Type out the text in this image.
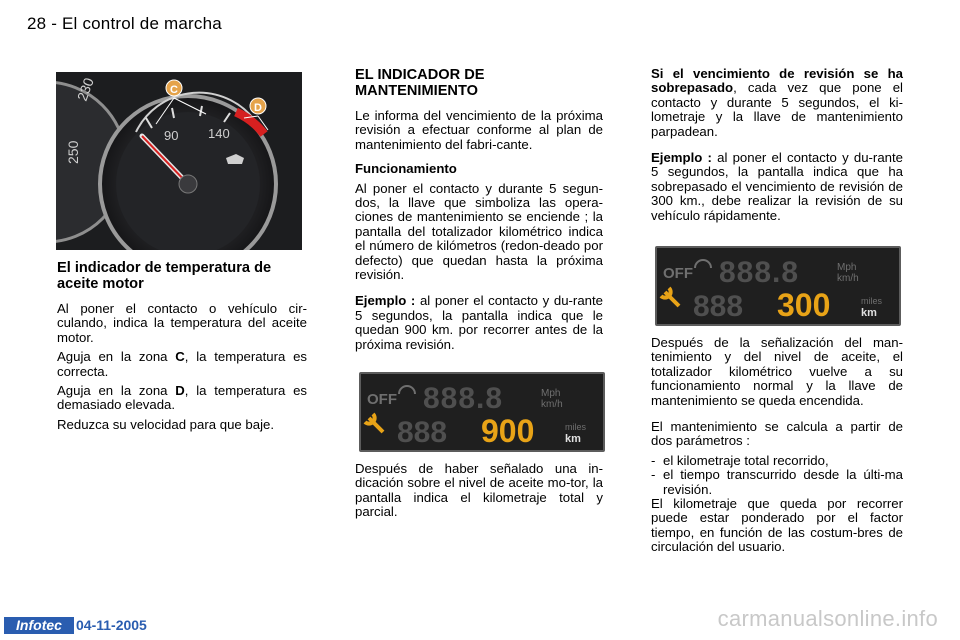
28 - El control de marcha
230
250
90 140
C
D
El indicador de temperatura de aceite motor

Al poner el contacto o vehículo cir-culando, indica la temperatura del aceite motor.

Aguja en la zona C, la temperatura es correcta.

Aguja en la zona D, la temperatura es demasiado elevada.

Reduzca su velocidad para que baje.

EL INDICADOR DE MANTENIMIENTO

Le informa del vencimiento de la próxima revisión a efectuar conforme al plan de mantenimiento del fabri-cante.

Funcionamiento

Al poner el contacto y durante 5 segun-dos, la llave que simboliza las opera-ciones de mantenimiento se enciende ; la pantalla del totalizador kilométrico indica el número de kilómetros (redon-deado por defecto) que quedan hasta la próxima revisión.

Ejemplo : al poner el contacto y du-rante 5 segundos, la pantalla indica que le quedan 900 km. por recorrer antes de la próxima revisión.

OFF 888.8	Mph
km/h
888 900	miles
km

Después de haber señalado una in-dicación sobre el nivel de aceite mo-tor, la pantalla indica el kilometraje total y parcial.

Si el vencimiento de revisión se ha sobrepasado, cada vez que pone el contacto y durante 5 segundos, el ki-lometraje y la llave de mantenimiento parpadean.

Ejemplo : al poner el contacto y du-rante 5 segundos, la pantalla indica que ha sobrepasado el vencimiento de revisión de 300 km., debe realizar la revisión de su vehículo rápidamente.

OFF 888.8	Mph
km/h
888 300	miles
km

Después de la señalización del man-tenimiento y del nivel de aceite, el totalizador kilométrico vuelve a su funcionamiento normal y la llave de mantenimiento se queda encendida.

El mantenimiento se calcula a partir de dos parámetros :

- el kilometraje total recorrido,
- el tiempo transcurrido desde la últi-ma revisión.

El kilometraje que queda por recorrer puede estar ponderado por el factor tiempo, en función de las costum-bres de circulación del usuario.

Infotec	04-11-2005	carmanualsonline.info
